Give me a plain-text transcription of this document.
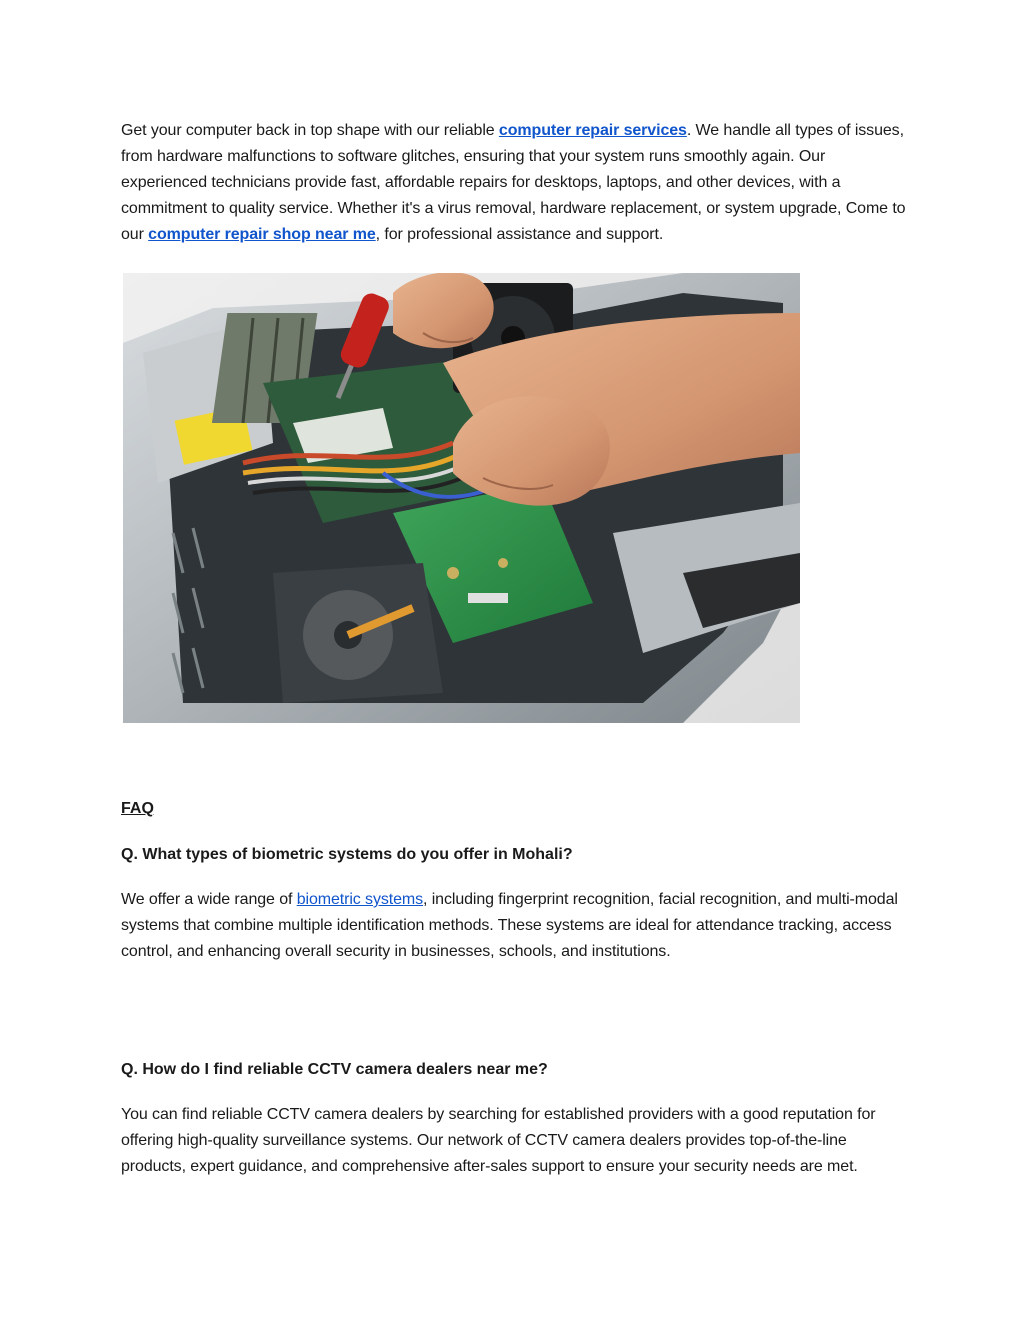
Get your computer back in top shape with our reliable computer repair services. We handle all types of issues, from hardware malfunctions to software glitches, ensuring that your system runs smoothly again. Our experienced technicians provide fast, affordable repairs for desktops, laptops, and other devices, with a commitment to quality service. Whether it's a virus removal, hardware replacement, or system upgrade, Come to our computer repair shop near me, for professional assistance and support.

FAQ
Q. What types of biometric systems do you offer in Mohali?

We offer a wide range of biometric systems, including fingerprint recognition, facial recognition, and multi-modal systems that combine multiple identification methods. These systems are ideal for attendance tracking, access control, and enhancing overall security in businesses, schools, and institutions.

Q. How do I find reliable CCTV camera dealers near me?

You can find reliable CCTV camera dealers by searching for established providers with a good reputation for offering high-quality surveillance systems. Our network of CCTV camera dealers provides top-of-the-line products, expert guidance, and comprehensive after-sales support to ensure your security needs are met.
